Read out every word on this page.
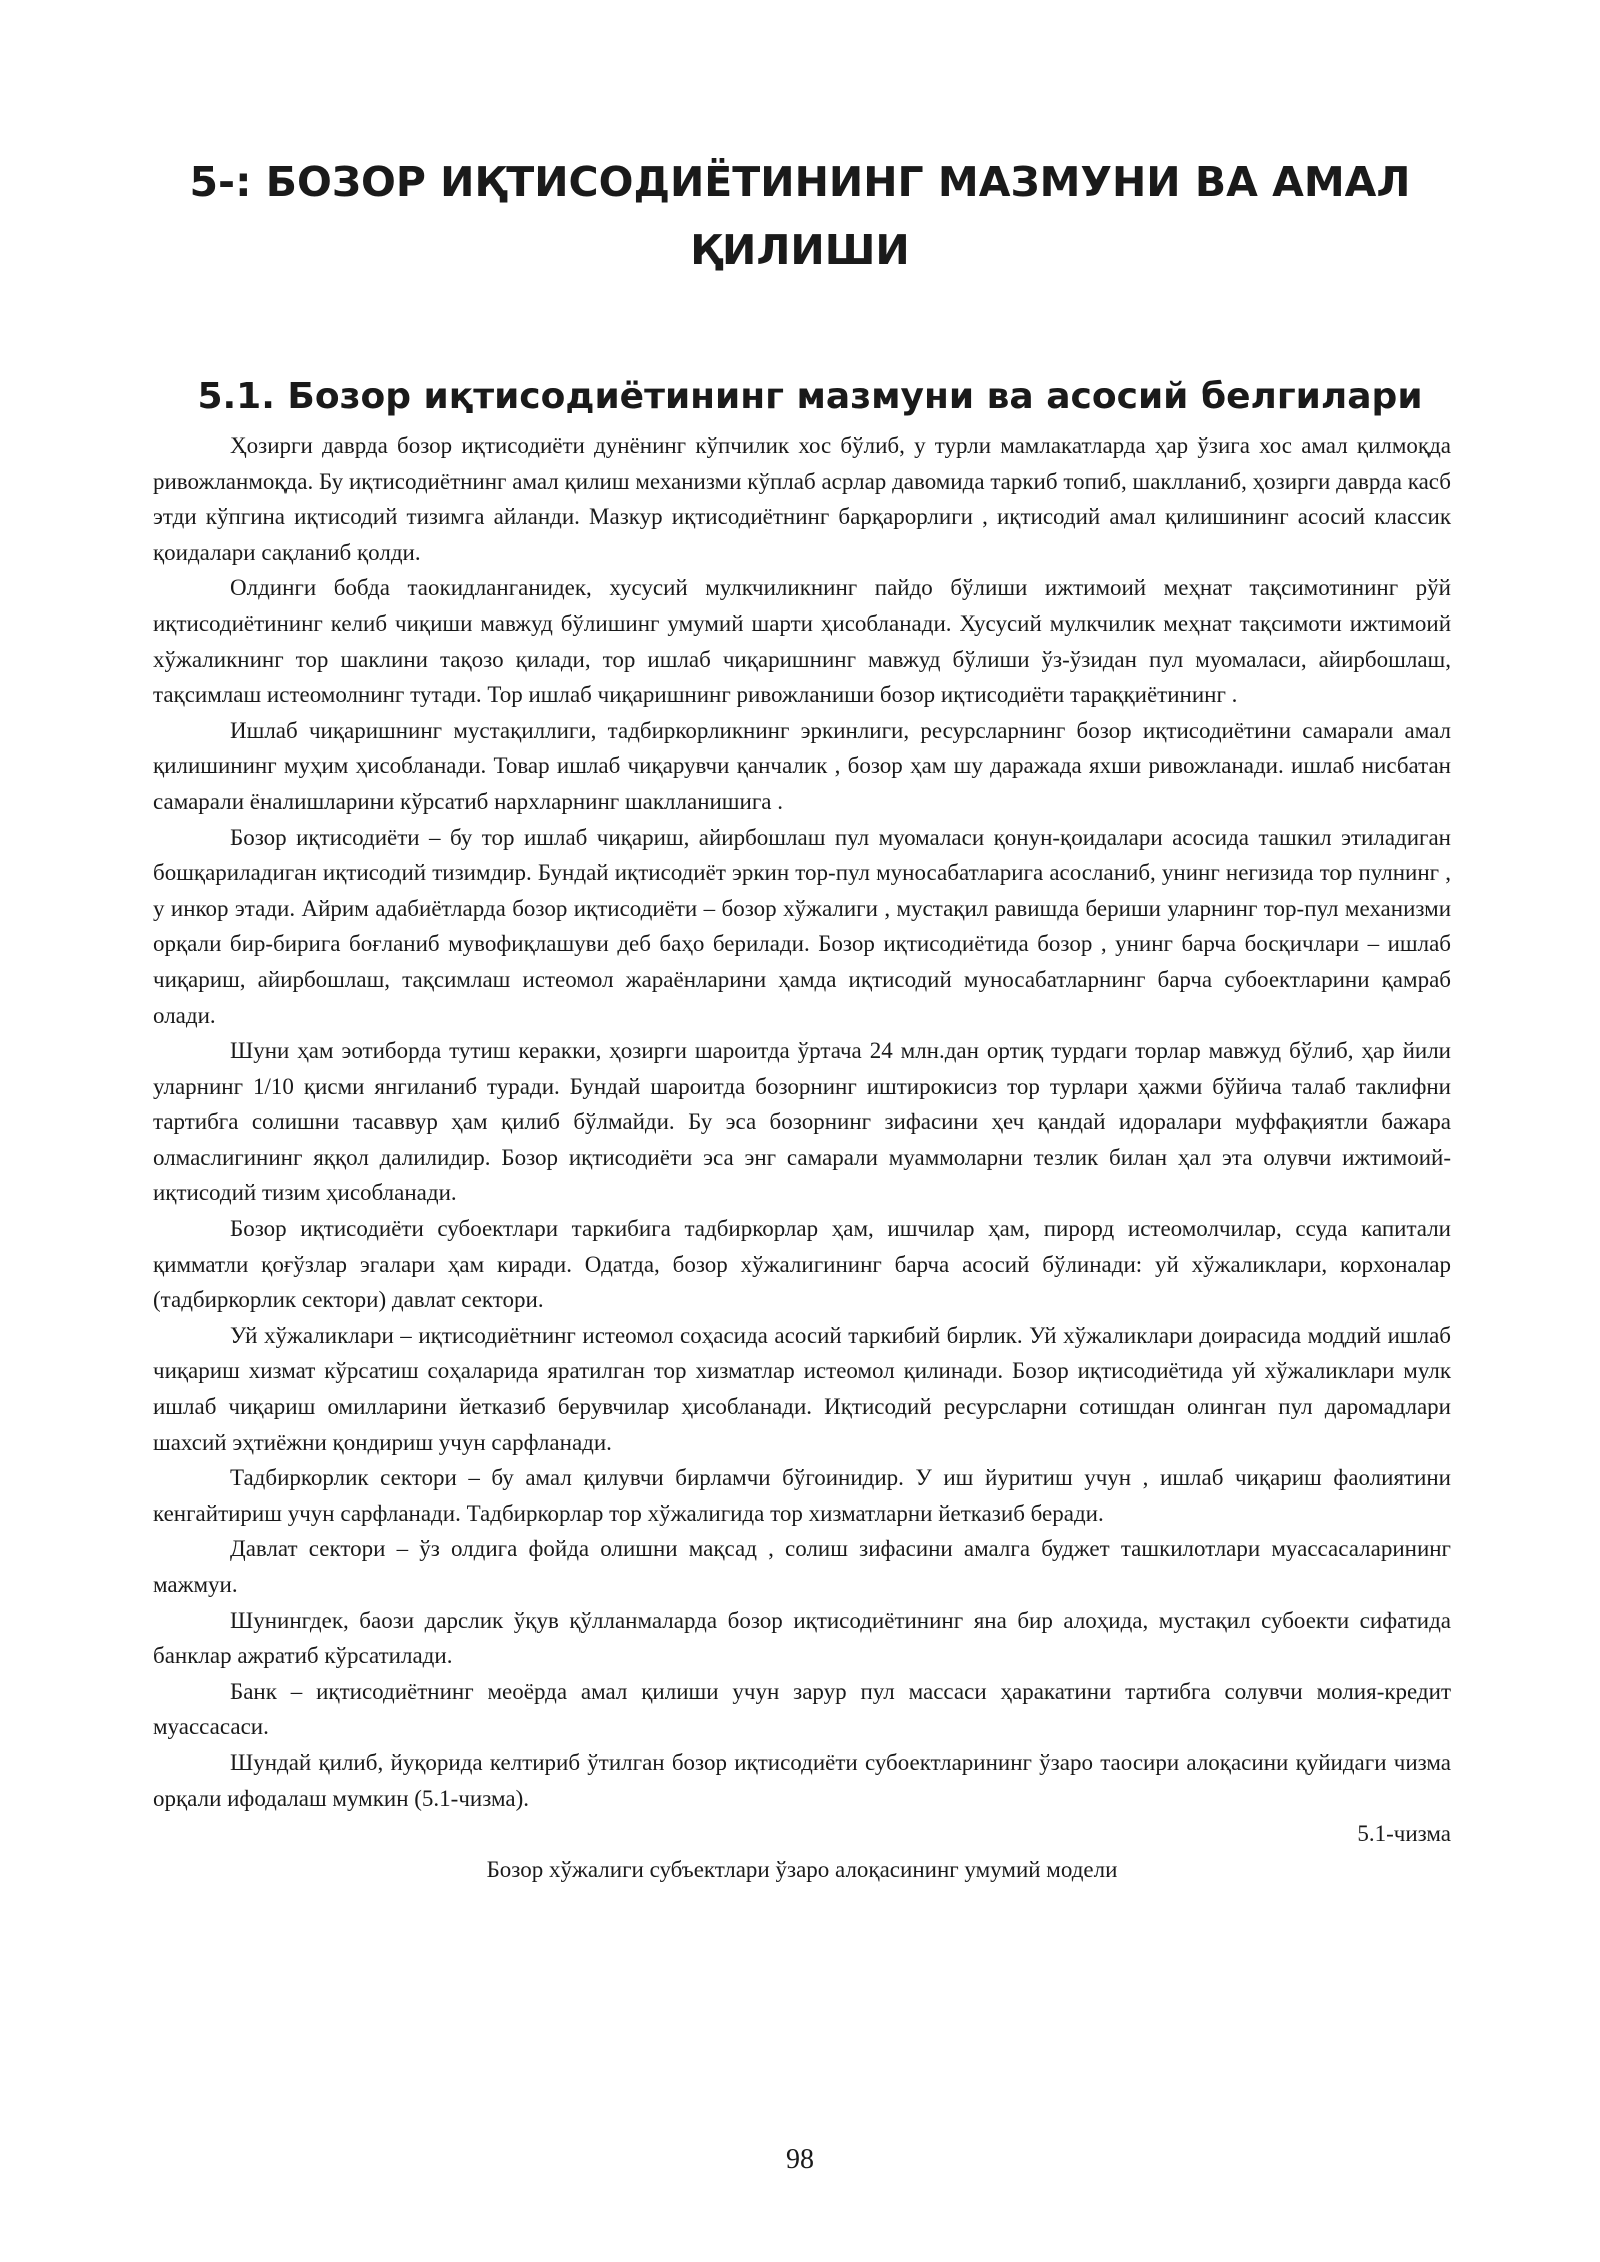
5-: БОЗОР ИҚТИСОДИЁТИНИНГ МАЗМУНИ ВА АМАЛ ҚИЛИШИ
5.1. Бозор иқтисодиётининг мазмуни ва асосий белгилари

Ҳозирги даврда бозор иқтисодиёти дунёнинг кўпчилик хос бўлиб, у турли мамлакатларда ҳар ўзига хос амал қилмоқда ривожланмоқда. Бу иқтисодиётнинг амал қилиш механизми кўплаб асрлар давомида таркиб топиб, шаклланиб, ҳозирги даврда касб этди кўпгина иқтисодий тизимга айланди. Мазкур иқтисодиётнинг барқарорлиги , иқтисодий амал қилишининг асосий классик қоидалари сақланиб қолди.

Олдинги бобда таокидланганидек, хусусий мулкчиликнинг пайдо бўлиши ижтимоий меҳнат тақсимотининг рўй иқтисодиётининг келиб чиқиши мавжуд бўлишинг умумий шарти ҳисобланади. Хусусий мулкчилик меҳнат тақсимоти ижтимоий хўжаликнинг тор шаклини тақозо қилади, тор ишлаб чиқаришнинг мавжуд бўлиши ўз-ўзидан пул муомаласи, айирбошлаш, тақсимлаш истеомолнинг тутади. Тор ишлаб чиқаришнинг ривожланиши бозор иқтисодиёти тараққиётининг .

Ишлаб чиқаришнинг мустақиллиги, тадбиркорликнинг эркинлиги, ресурсларнинг бозор иқтисодиётини самарали амал қилишининг муҳим ҳисобланади. Товар ишлаб чиқарувчи қанчалик , бозор ҳам шу даражада яхши ривожланади. ишлаб нисбатан самарали ёналишларини кўрсатиб нархларнинг шаклланишига .

Бозор иқтисодиёти – бу тор ишлаб чиқариш, айирбошлаш пул муомаласи қонун-қоидалари асосида ташкил этиладиган бошқариладиган иқтисодий тизимдир. Бундай иқтисодиёт эркин тор-пул муносабатларига асосланиб, унинг негизида тор пулнинг , у инкор этади. Айрим адабиётларда бозор иқтисодиёти – бозор хўжалиги , мустақил равишда бериши уларнинг тор-пул механизми орқали бир-бирига боғланиб мувофиқлашуви деб баҳо берилади. Бозор иқтисодиётида бозор , унинг барча босқичлари – ишлаб чиқариш, айирбошлаш, тақсимлаш истеомол жараёнларини ҳамда иқтисодий муносабатларнинг барча субоектларини қамраб олади.

Шуни ҳам эотиборда тутиш керакки, ҳозирги шароитда ўртача 24 млн.дан ортиқ турдаги торлар мавжуд бўлиб, ҳар йили уларнинг 1/10 қисми янгиланиб туради. Бундай шароитда бозорнинг иштирокисиз тор турлари ҳажми бўйича талаб таклифни тартибга солишни тасаввур ҳам қилиб бўлмайди. Бу эса бозорнинг зифасини ҳеч қандай идоралари муффақиятли бажара олмаслигининг яққол далилидир. Бозор иқтисодиёти эса энг самарали муаммоларни тезлик билан ҳал эта олувчи ижтимоий-иқтисодий тизим ҳисобланади.

Бозор иқтисодиёти субоектлари таркибига тадбиркорлар ҳам, ишчилар ҳам, пирорд истеомолчилар, ссуда капитали қимматли қоғўзлар эгалари ҳам киради. Одатда, бозор хўжалигининг барча асосий бўлинади: уй хўжаликлари, корхоналар (тадбиркорлик сектори) давлат сектори.

Уй хўжаликлари – иқтисодиётнинг истеомол соҳасида асосий таркибий бирлик. Уй хўжаликлари доирасида моддий ишлаб чиқариш хизмат кўрсатиш соҳаларида яратилган тор хизматлар истеомол қилинади. Бозор иқтисодиётида уй хўжаликлари мулк ишлаб чиқариш омилларини йетказиб берувчилар ҳисобланади. Иқтисодий ресурсларни сотишдан олинган пул даромадлари шахсий эҳтиёжни қондириш учун сарфланади.

Тадбиркорлик сектори – бу амал қилувчи бирламчи бўгоинидир. У иш йуритиш учун , ишлаб чиқариш фаолиятини кенгайтириш учун сарфланади. Тадбиркорлар тор хўжалигида тор хизматларни йетказиб беради.

Давлат сектори – ўз олдига фойда олишни мақсад , солиш зифасини амалга буджет ташкилотлари муассасаларининг мажмуи.

Шунингдек, баози дарслик ўқув қўлланмаларда бозор иқтисодиётининг яна бир алоҳида, мустақил субоекти сифатида банклар ажратиб кўрсатилади.

Банк – иқтисодиётнинг меоёрда амал қилиши учун зарур пул массаси ҳаракатини тартибга солувчи молия-кредит муассасаси.

Шундай қилиб, йуқорида келтириб ўтилган бозор иқтисодиёти субоектларининг ўзаро таосири алоқасини қуйидаги чизма орқали ифодалаш мумкин (5.1-чизма).

5.1-чизма
Бозор хўжалиги субъектлари ўзаро алоқасининг умумий модели
98
